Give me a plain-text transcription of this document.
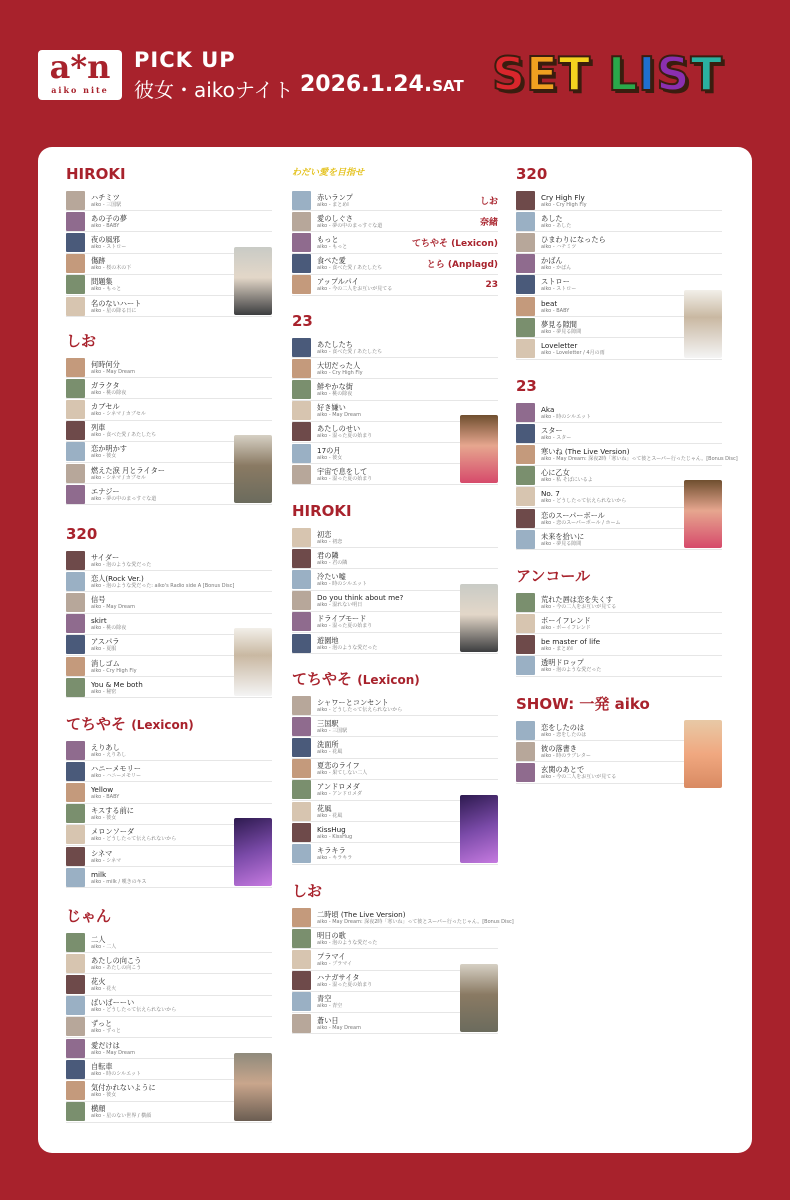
a*n
aiko nite
PICK UP
彼女・aikoナイト 2026.1.24.SAT SET LIST
HIROKI
ハチミツ
aiko - 三国駅
あの子の夢
aiko - BABY
夜の風邪
aiko - ストロー
傷跡
aiko - 桜の木の下
問題集
aiko - もっと
名のないハート
aiko - 星の降る日に
しお
何時何分
aiko - May Dream
ガラクタ
aiko - 桃の除夜
カブセル
aiko - シネマ / カブセル
列車
aiko - 食べた愛 / あたしたち
恋か明かす
aiko - 彼女
燃えた涙 月とライター
aiko - シネマ / カブセル
エナジー
aiko - 夢の中のまっすぐな道
320
サイダー
aiko - 泡のような愛だった
恋人(Rock Ver.)
aiko - 泡のような愛だった: aiko's Radio side A [Bonus Disc]
信号
aiko - May Dream
skirt
aiko - 桃の除夜
アスパラ
aiko - 夏服
消しゴム
aiko - Cry High Fly
You & Me both
aiko - 秘密
てちやそ (Lexicon)
えりあし
aiko - えりあし
ハニーメモリー
aiko - ハニーメモリー
Yellow
aiko - BABY
キスする前に
aiko - 彼女
メロンソーダ
aiko - どうしたって伝えられないから
シネマ
aiko - シネマ
milk
aiko - milk / 嘆きのキス
じゃん
二人
aiko - 二人
あたしの向こう
aiko - あたしの向こう
花火
aiko - 花火
ばいばーーい
aiko - どうしたって伝えられないから
ずっと
aiko - ずっと
愛だけは
aiko - May Dream
自転車
aiko - 時のシルエット
気付かれないように
aiko - 彼女
横顔
aiko - 星のない世界 / 横顔
わだい愛を目指せ
赤いランプ
aiko - まとめI	しお
愛のしぐさ
aiko - 夢の中のまっすぐな道	奈緒
もっと
aiko - もっと	てちやそ (Lexicon)
食べた愛
aiko - 食べた愛 / あたしたち	とら (Anplagd)
アップルパイ
aiko - 今の二人をお互いが見てる	23
23
あたしたち
aiko - 食べた愛 / あたしたち
大切だった人
aiko - Cry High Fly
鮮やかな街
aiko - 桃の除夜
好き嫌い
aiko - May Dream
あたしのせい
aiko - 湿った夏の始まり
17の月
aiko - 彼女
宇宙で息をして
aiko - 湿った夏の始まり
HIROKI
初恋
aiko - 初恋
君の隣
aiko - 君の隣
冷たい嘘
aiko - 時のシルエット
Do you think about me?
aiko - 湿れない明日
ドライブモード
aiko - 湿った夏の始まり
遊園地
aiko - 泡のような愛だった
てちやそ (Lexicon)
シャワーとコンセント
aiko - どうしたって伝えられないから
三国駅
aiko - 三国駅
洗面所
aiko - 花風
夏恋のライフ
aiko - 果てしない二人
アンドロメダ
aiko - アンドロメダ
花風
aiko - 花風
KissHug
aiko - KissHug
キラキラ
aiko - キラキラ
しお
二時頃 (The Live Version)
aiko - May Dream: 深夜2時「寒いね」って彼とスーパー行ったじゃん。[Bonus Disc]
明日の歌
aiko - 泡のような愛だった
プラマイ
aiko - プラマイ
ハナガサイタ
aiko - 湿った夏の始まり
青空
aiko - 青空
蒼い日
aiko - May Dream
320
Cry High Fly
aiko - Cry High Fly
あした
aiko - あした
ひまわりになったら
aiko - ハチミツ
かばん
aiko - かばん
ストロー
aiko - ストロー
beat
aiko - BABY
夢見る隙間
aiko - 夢見る隙間
Loveletter
aiko - Loveletter / 4月の雨
23
Aka
aiko - 時のシルエット
スター
aiko - スター
寒いね (The Live Version)
aiko - May Dream: 深夜2時「寒いね」って彼とスーパー行ったじゃん。[Bonus Disc]
心に乙女
aiko - 私 そばにいるよ
No. 7
aiko - どうしたって伝えられないから
恋のスーパーボール
aiko - 恋のスーパーボール / ホーム
未来を拾いに
aiko - 夢見る隙間
アンコール
荒れた唇は恋を失くす
aiko - 今の二人をお互いが見てる
ボーイフレンド
aiko - ボーイフレンド
be master of life
aiko - まとめI
透明ドロップ
aiko - 泡のような愛だった
SHOW: 一発 aiko
恋をしたのは
aiko - 恋をしたのは
彼の落書き
aiko - 時のラブレター
玄関のあとで
aiko - 今の二人をお互いが見てる
